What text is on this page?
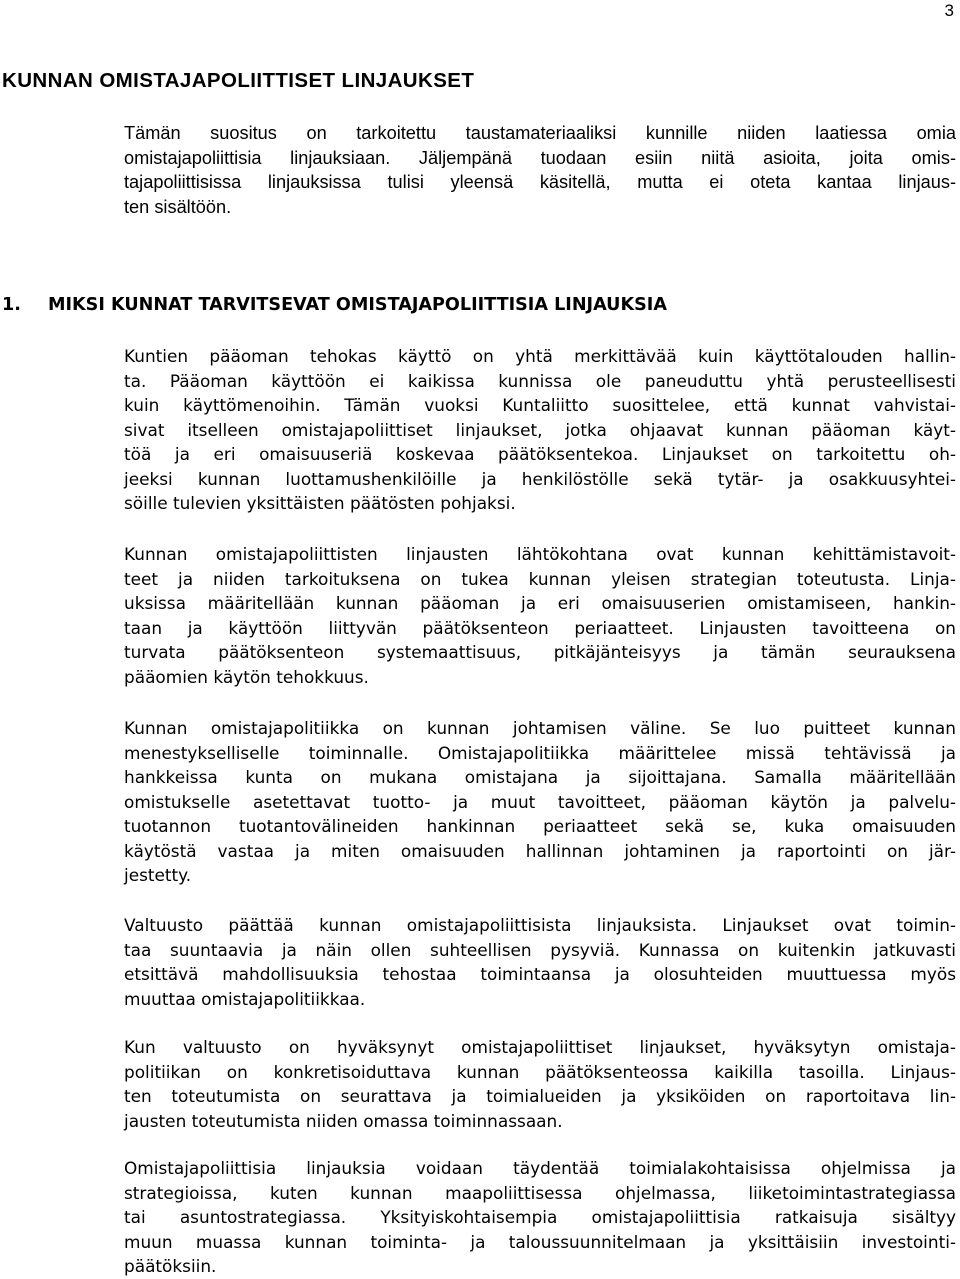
3
KUNNAN OMISTAJAPOLIITTISET LINJAUKSET

Tämän suositus on tarkoitettu taustamateriaaliksi kunnille niiden laatiessa omia
omistajapoliittisia linjauksiaan. Jäljempänä tuodaan esiin niitä asioita, joita omis-
tajapoliittisissa linjauksissa tulisi yleensä käsitellä, mutta ei oteta kantaa linjaus-
ten sisältöön.

1. MIKSI KUNNAT TARVITSEVAT OMISTAJAPOLIITTISIA LINJAUKSIA

Kuntien pääoman tehokas käyttö on yhtä merkittävää kuin käyttötalouden hallin-
ta. Pääoman käyttöön ei kaikissa kunnissa ole paneuduttu yhtä perusteellisesti
kuin käyttömenoihin. Tämän vuoksi Kuntaliitto suosittelee, että kunnat vahvistai-
sivat itselleen omistajapoliittiset linjaukset, jotka ohjaavat kunnan pääoman käyt-
töä ja eri omaisuuseriä koskevaa päätöksentekoa. Linjaukset on tarkoitettu oh-
jeeksi kunnan luottamushenkilöille ja henkilöstölle sekä tytär- ja osakkuusyhtei-
söille tulevien yksittäisten päätösten pohjaksi.

Kunnan omistajapoliittisten linjausten lähtökohtana ovat kunnan kehittämistavoit-
teet ja niiden tarkoituksena on tukea kunnan yleisen strategian toteutusta. Linja-
uksissa määritellään kunnan pääoman ja eri omaisuuserien omistamiseen, hankin-
taan ja käyttöön liittyvän päätöksenteon periaatteet. Linjausten tavoitteena on
turvata päätöksenteon systemaattisuus, pitkäjänteisyys ja tämän seurauksena
pääomien käytön tehokkuus.

Kunnan omistajapolitiikka on kunnan johtamisen väline. Se luo puitteet kunnan
menestykselliselle toiminnalle. Omistajapolitiikka määrittelee missä tehtävissä ja
hankkeissa kunta on mukana omistajana ja sijoittajana. Samalla määritellään
omistukselle asetettavat tuotto- ja muut tavoitteet, pääoman käytön ja palvelu-
tuotannon tuotantovälineiden hankinnan periaatteet sekä se, kuka omaisuuden
käytöstä vastaa ja miten omaisuuden hallinnan johtaminen ja raportointi on jär-
jestetty.

Valtuusto päättää kunnan omistajapoliittisista linjauksista. Linjaukset ovat toimin-
taa suuntaavia ja näin ollen suhteellisen pysyviä. Kunnassa on kuitenkin jatkuvasti
etsittävä mahdollisuuksia tehostaa toimintaansa ja olosuhteiden muuttuessa myös
muuttaa omistajapolitiikkaa.

Kun valtuusto on hyväksynyt omistajapoliittiset linjaukset, hyväksytyn omistaja-
politiikan on konkretisoiduttava kunnan päätöksenteossa kaikilla tasoilla. Linjaus-
ten toteutumista on seurattava ja toimialueiden ja yksiköiden on raportoitava lin-
jausten toteutumista niiden omassa toiminnassaan.

Omistajapoliittisia linjauksia voidaan täydentää toimialakohtaisissa ohjelmissa ja
strategioissa, kuten kunnan maapoliittisessa ohjelmassa, liiketoimintastrategiassa
tai asuntostrategiassa. Yksityiskohtaisempia omistajapoliittisia ratkaisuja sisältyy
muun muassa kunnan toiminta- ja taloussuunnitelmaan ja yksittäisiin investointi-
päätöksiin.
